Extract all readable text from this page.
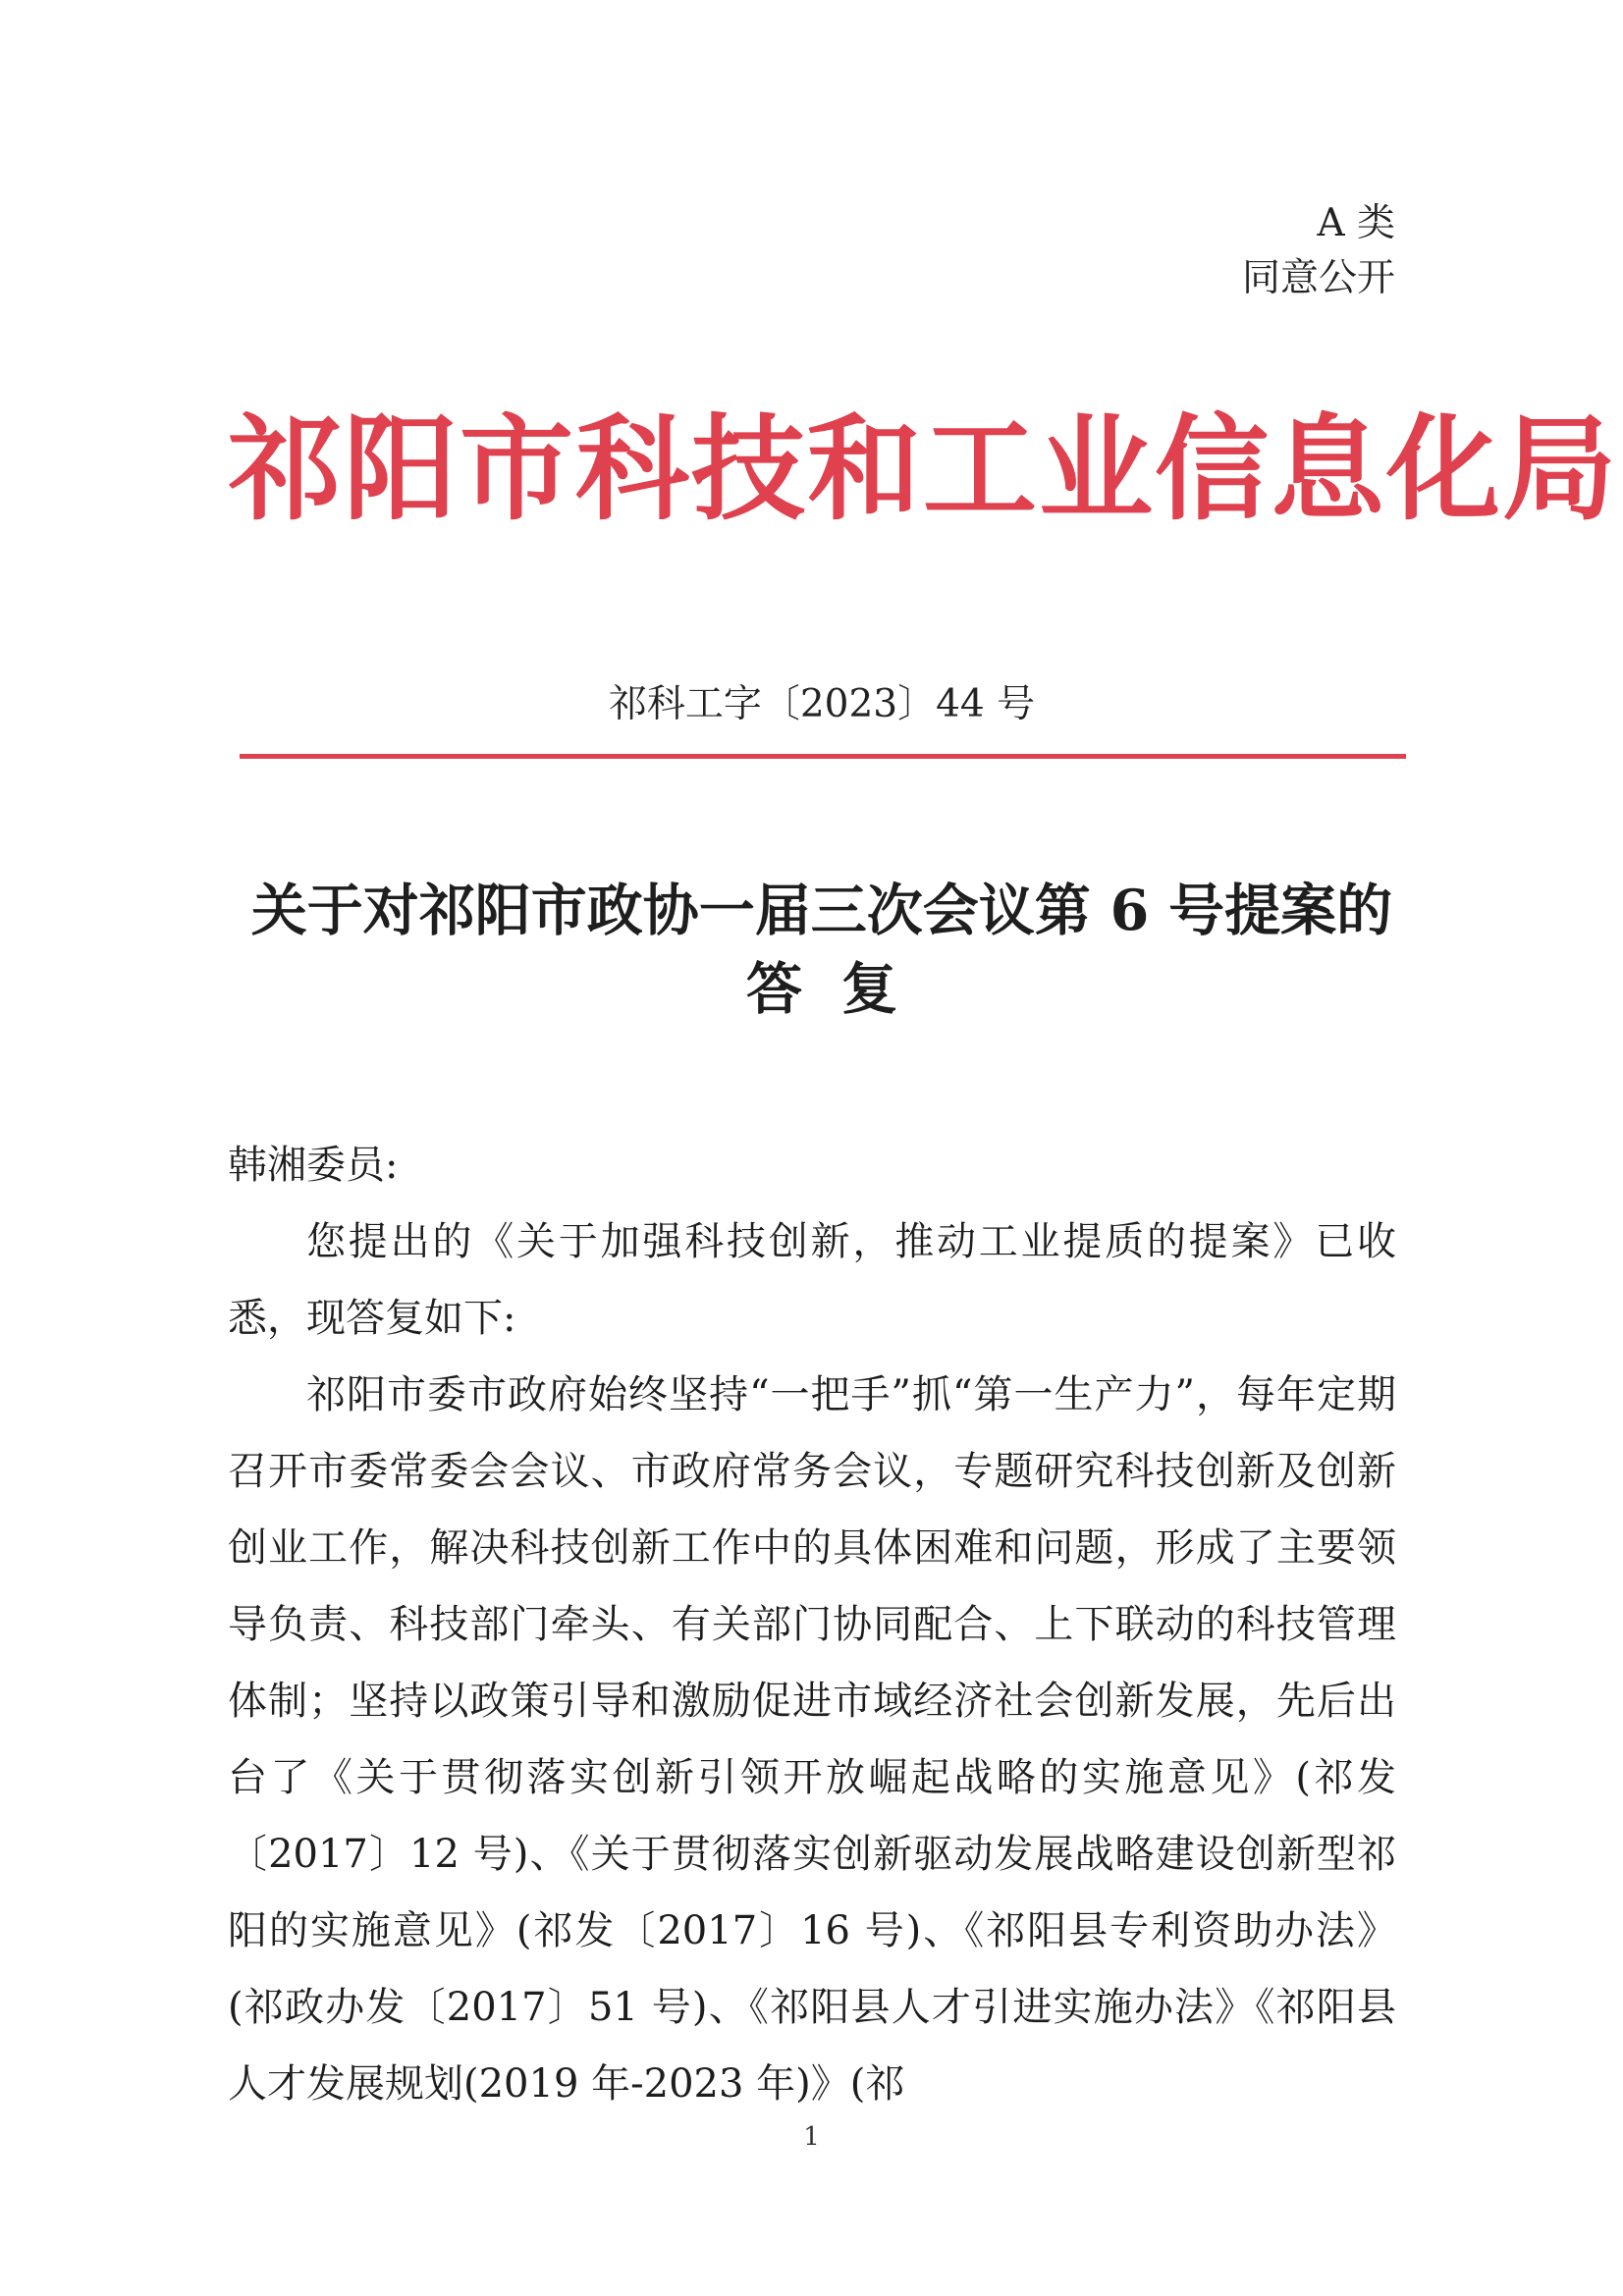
A 类
同意公开
祁阳市科技和工业信息化局
祁科工字〔2023〕44 号
关于对祁阳市政协一届三次会议第 6 号提案的
答复

韩湘委员:

您提出的《关于加强科技创新，推动工业提质的提案》已收悉，现答复如下:

祁阳市委市政府始终坚持“一把手”抓“第一生产力”，每年定期召开市委常委会会议、市政府常务会议，专题研究科技创新及创新创业工作，解决科技创新工作中的具体困难和问题，形成了主要领导负责、科技部门牵头、有关部门协同配合、上下联动的科技管理体制；坚持以政策引导和激励促进市域经济社会创新发展，先后出台了《关于贯彻落实创新引领开放崛起战略的实施意见》(祁发〔2017〕12 号)、《关于贯彻落实创新驱动发展战略建设创新型祁阳的实施意见》(祁发〔2017〕16 号)、《祁阳县专利资助办法》(祁政办发〔2017〕51 号)、《祁阳县人才引进实施办法》《祁阳县人才发展规划(2019 年-2023 年)》(祁

1
